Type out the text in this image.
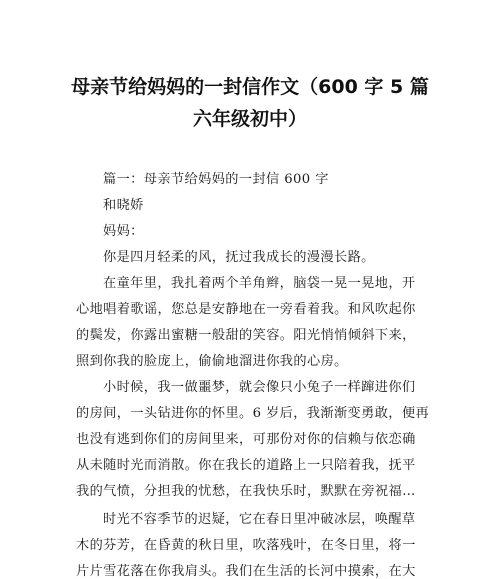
母亲节给妈妈的一封信作文（600 字 5 篇
六年级初中）
篇一：母亲节给妈妈的一封信 600 字
和晓娇
妈妈：
你是四月轻柔的风，抚过我成长的漫漫长路。
在童年里，我扎着两个羊角辫，脑袋一晃一晃地，开
心地唱着歌谣，您总是安静地在一旁看着我。和风吹起你
的鬓发，你露出蜜糖一般甜的笑容。阳光悄悄倾斜下来，
照到你我的脸庞上，偷偷地溜进你我的心房。
小时候，我一做噩梦，就会像只小兔子一样蹿进你们
的房间，一头钻进你的怀里。6 岁后，我渐渐变勇敢，便再
也没有逃到你们的房间里来，可那份对你的信赖与依恋确
从未随时光而消散。你在我长的道路上一只陪着我，抚平
我的气愤，分担我的忧愁，在我快乐时，默默在旁祝福…
时光不容季节的迟疑，它在春日里冲破冰层，唤醒草
木的芬芳，在昏黄的秋日里，吹落残叶，在冬日里，将一
片片雪花落在你我肩头。我们在生活的长河中摸索，在大
